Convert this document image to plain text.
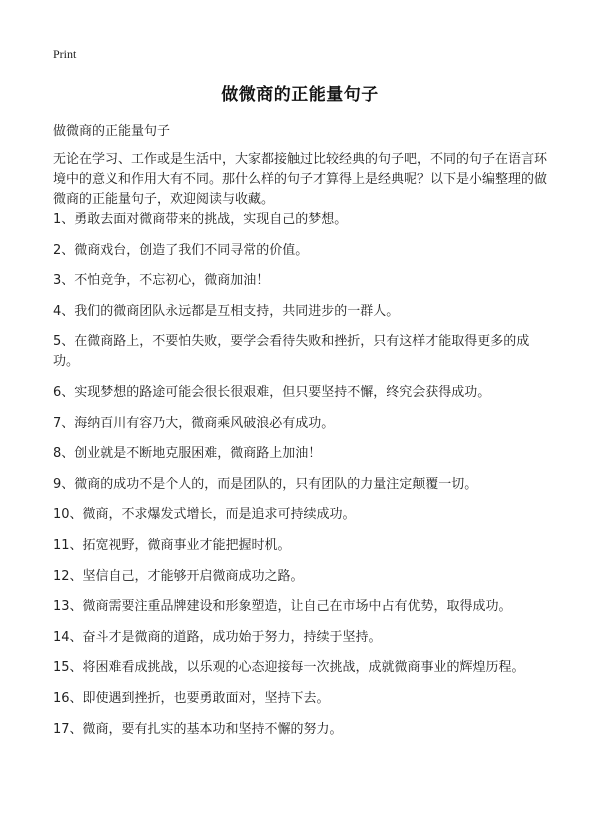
Print
做微商的正能量句子
做微商的正能量句子

无论在学习、工作或是生活中，大家都接触过比较经典的句子吧，不同的句子在语言环境中的意义和作用大有不同。那什么样的句子才算得上是经典呢？以下是小编整理的做微商的正能量句子，欢迎阅读与收藏。

1、勇敢去面对微商带来的挑战，实现自己的梦想。
2、微商戏台，创造了我们不同寻常的价值。
3、不怕竞争，不忘初心，微商加油！
4、我们的微商团队永远都是互相支持，共同进步的一群人。
5、在微商路上，不要怕失败，要学会看待失败和挫折，只有这样才能取得更多的成功。
6、实现梦想的路途可能会很长很艰难，但只要坚持不懈，终究会获得成功。
7、海纳百川有容乃大，微商乘风破浪必有成功。
8、创业就是不断地克服困难，微商路上加油！
9、微商的成功不是个人的，而是团队的，只有团队的力量注定颠覆一切。
10、微商，不求爆发式增长，而是追求可持续成功。
11、拓宽视野，微商事业才能把握时机。
12、坚信自己，才能够开启微商成功之路。
13、微商需要注重品牌建设和形象塑造，让自己在市场中占有优势，取得成功。
14、奋斗才是微商的道路，成功始于努力，持续于坚持。
15、将困难看成挑战，以乐观的心态迎接每一次挑战，成就微商事业的辉煌历程。
16、即使遇到挫折，也要勇敢面对，坚持下去。
17、微商，要有扎实的基本功和坚持不懈的努力。
